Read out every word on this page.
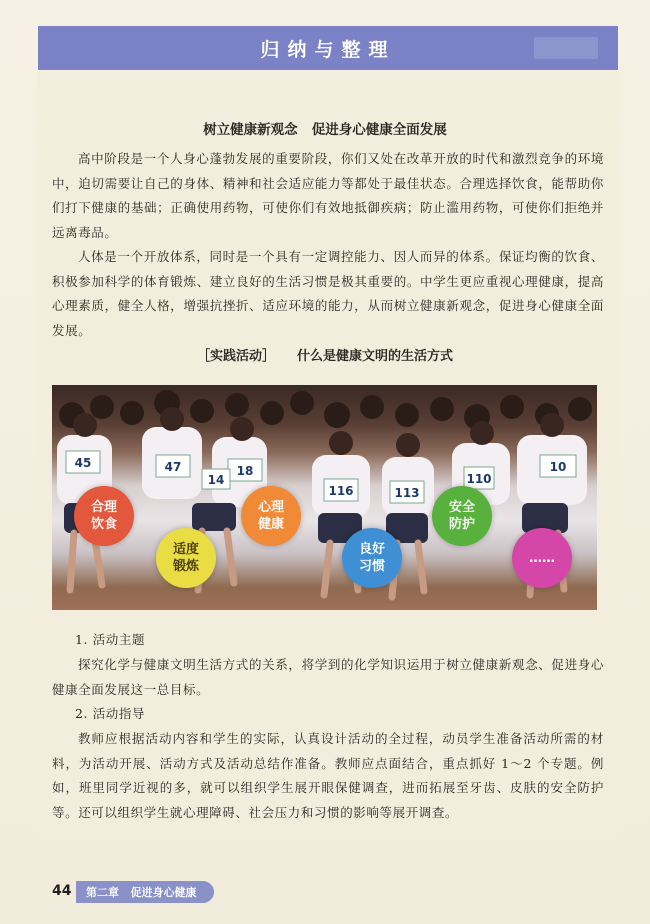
归纳与整理
树立健康新观念   促进身心健康全面发展

高中阶段是一个人身心蓬勃发展的重要阶段，你们又处在改革开放的时代和激烈竞争的环境中，迫切需要让自己的身体、精神和社会适应能力等都处于最佳状态。合理选择饮食，能帮助你们打下健康的基础；正确使用药物，可使你们有效地抵御疾病；防止滥用药物，可使你们拒绝并远离毒品。

人体是一个开放体系，同时是一个具有一定调控能力、因人而异的体系。保证均衡的饮食、积极参加科学的体育锻炼、建立良好的生活习惯是极其重要的。中学生更应重视心理健康，提高心理素质，健全人格，增强抗挫折、适应环境的能力，从而树立健康新观念，促进身心健康全面发展。

［实践活动］ 什么是健康文明的生活方式
45	47	18
14
116	113
110
10
合理
饮食
适度
锻炼
心理
健康
良好
习惯
安全
防护
……
1. 活动主题

探究化学与健康文明生活方式的关系，将学到的化学知识运用于树立健康新观念、促进身心健康全面发展这一总目标。

2. 活动指导

教师应根据活动内容和学生的实际，认真设计活动的全过程，动员学生准备活动所需的材料，为活动开展、活动方式及活动总结作准备。教师应点面结合，重点抓好 1～2 个专题。例如，班里同学近视的多，就可以组织学生展开眼保健调查，进而拓展至牙齿、皮肤的安全防护等。还可以组织学生就心理障碍、社会压力和习惯的影响等展开调查。

44	第二章   促进身心健康
